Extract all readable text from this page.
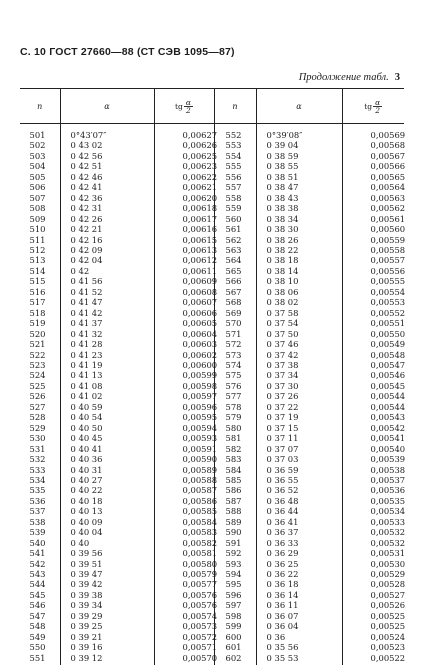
С. 10 ГОСТ 27660—88 (СТ СЭВ 1095—87)
Продолжение табл. 3
n	α	tg $\frac{\alpha}{2}$	n	α	tg $\frac{\alpha}{2}$

501	0°43′07″	0,00627	552	0°39′08″	0,00569
502	0 43 02	0,00626	553	0 39 04	0,00568
503	0 42 56	0,00625	554	0 38 59	0,00567
504	0 42 51	0,00623	555	0 38 55	0,00566
505	0 42 46	0,00622	556	0 38 51	0,00565
506	0 42 41	0,00621	557	0 38 47	0,00564
507	0 42 36	0,00620	558	0 38 43	0,00563
508	0 42 31	0,00618	559	0 38 38	0,00562
509	0 42 26	0,00617	560	0 38 34	0,00561
510	0 42 21	0,00616	561	0 38 30	0,00560
511	0 42 16	0,00615	562	0 38 26	0,00559
512	0 42 09	0,00613	563	0 38 22	0,00558
513	0 42 04	0,00612	564	0 38 18	0,00557
514	0 42	0,00611	565	0 38 14	0,00556
515	0 41 56	0,00609	566	0 38 10	0,00555
516	0 41 52	0,00608	567	0 38 06	0,00554
517	0 41 47	0,00607	568	0 38 02	0,00553
518	0 41 42	0,00606	569	0 37 58	0,00552
519	0 41 37	0,00605	570	0 37 54	0,00551
520	0 41 32	0,00604	571	0 37 50	0,00550
521	0 41 28	0,00603	572	0 37 46	0,00549
522	0 41 23	0,00602	573	0 37 42	0,00548
523	0 41 19	0,00600	574	0 37 38	0,00547
524	0 41 13	0,00599	575	0 37 34	0,00546
525	0 41 08	0,00598	576	0 37 30	0,00545
526	0 41 02	0,00597	577	0 37 26	0,00544
527	0 40 59	0,00596	578	0 37 22	0,00544
528	0 40 54	0,00595	579	0 37 19	0,00543
529	0 40 50	0,00594	580	0 37 15	0,00542
530	0 40 45	0,00593	581	0 37 11	0,00541
531	0 40 41	0,00591	582	0 37 07	0,00540
532	0 40 36	0,00590	583	0 37 03	0,00539
533	0 40 31	0,00589	584	0 36 59	0,00538
534	0 40 27	0,00588	585	0 36 55	0,00537
535	0 40 22	0,00587	586	0 36 52	0,00536
536	0 40 18	0,00586	587	0 36 48	0,00535
537	0 40 13	0,00585	588	0 36 44	0,00534
538	0 40 09	0,00584	589	0 36 41	0,00533
539	0 40 04	0,00583	590	0 36 37	0,00532
540	0 40	0,00582	591	0 36 33	0,00532
541	0 39 56	0,00581	592	0 36 29	0,00531
542	0 39 51	0,00580	593	0 36 25	0,00530
543	0 39 47	0,00579	594	0 36 22	0,00529
544	0 39 42	0,00577	595	0 36 18	0,00528
545	0 39 38	0,00576	596	0 36 14	0,00527
546	0 39 34	0,00576	597	0 36 11	0,00526
547	0 39 29	0,00574	598	0 36 07	0,00525
548	0 39 25	0,00573	599	0 36 04	0,00525
549	0 39 21	0,00572	600	0 36	0,00524
550	0 39 16	0,00571	601	0 35 56	0,00523
551	0 39 12	0,00570	602	0 35 53	0,00522
